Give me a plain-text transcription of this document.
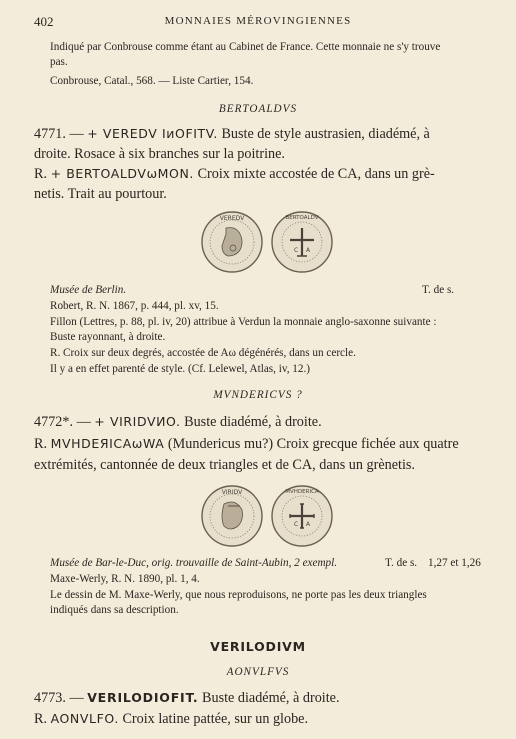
402	MONNAIES MÉROVINGIENNES
Indiqué par Conbrouse comme étant au Cabinet de France. Cette monnaie ne s'y trouve
pas.
Conbrouse, Catal., 568. — Liste Cartier, 154.
BERTOALDVS
4771. — + VEREDV IᴎOFITV. Buste de style austrasien, diadémé, à
droite. Rosace à six branches sur la poitrine.
R. + BERTOALDVωMON. Croix mixte accostée de CA, dans un grè-
netis. Trait au pourtour.
VEREDV
C A
BERTOALDV
Musée de Berlin.	T. de s.
Robert, R. N. 1867, p. 444, pl. xv, 15.
Fillon (Lettres, p. 88, pl. iv, 20) attribue à Verdun la monnaie anglo-saxonne suivante :
Buste rayonnant, à droite.
R. Croix sur deux degrés, accostée de Aω dégénérés, dans un cercle.
Il y a en effet parenté de style. (Cf. Lelewel, Atlas, iv, 12.)
MVNDERICVS ?
4772*. — + VIRIDVИO. Buste diadémé, à droite.
R. MVHDEЯICAωWA (Mundericus mu?) Croix grecque fichée aux quatre
extrémités, cantonnée de deux triangles et de CA, dans un grènetis.
VIRIDV
C A
MVHDERICA
Musée de Bar-le-Duc, orig. trouvaille de Saint-Aubin, 2 exempl.	T. de s. 1,27 et 1,26
Maxe-Werly, R. N. 1890, pl. 1, 4.
Le dessin de M. Maxe-Werly, que nous reproduisons, ne porte pas les deux triangles
indiqués dans sa description.
VERILODIVM
AONVLFVS
4773. — VERILODIOFIT. Buste diadémé, à droite.
R. AONVLFO. Croix latine pattée, sur un globe.
